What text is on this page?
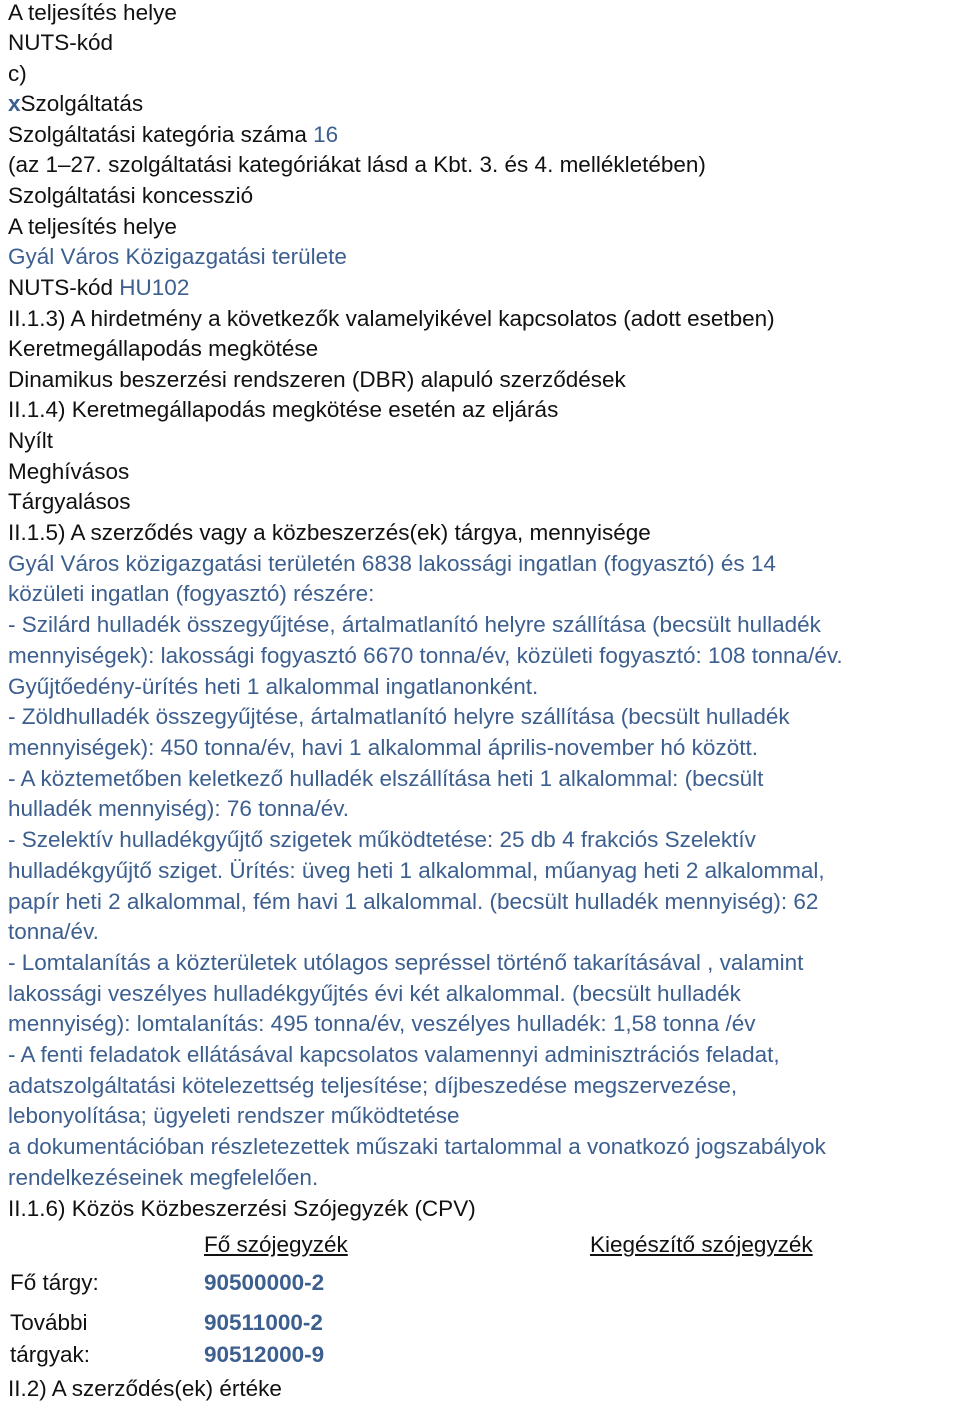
A teljesítés helye
NUTS-kód
c)
xSzolgáltatás
Szolgáltatási kategória száma 16
(az 1–27. szolgáltatási kategóriákat lásd a Kbt. 3. és 4. mellékletében)
Szolgáltatási koncesszió
A teljesítés helye
Gyál Város Közigazgatási területe
NUTS-kód HU102
II.1.3) A hirdetmény a következők valamelyikével kapcsolatos (adott esetben)
Keretmegállapodás megkötése
Dinamikus beszerzési rendszeren (DBR) alapuló szerződések
II.1.4) Keretmegállapodás megkötése esetén az eljárás
Nyílt
Meghívásos
Tárgyalásos
II.1.5) A szerződés vagy a közbeszerzés(ek) tárgya, mennyisége
Gyál Város közigazgatási területén 6838 lakossági ingatlan (fogyasztó) és 14
közületi ingatlan (fogyasztó) részére:
- Szilárd hulladék összegyűjtése, ártalmatlanító helyre szállítása (becsült hulladék
mennyiségek): lakossági fogyasztó 6670 tonna/év, közületi fogyasztó: 108 tonna/év.
Gyűjtőedény-ürítés heti 1 alkalommal ingatlanonként.
- Zöldhulladék összegyűjtése, ártalmatlanító helyre szállítása (becsült hulladék
mennyiségek): 450 tonna/év, havi 1 alkalommal április-november hó között.
- A köztemetőben keletkező hulladék elszállítása heti 1 alkalommal: (becsült
hulladék mennyiség): 76 tonna/év.
- Szelektív hulladékgyűjtő szigetek működtetése: 25 db 4 frakciós Szelektív
hulladékgyűjtő sziget. Ürítés: üveg heti 1 alkalommal, műanyag heti 2 alkalommal,
papír heti 2 alkalommal, fém havi 1 alkalommal. (becsült hulladék mennyiség): 62
tonna/év.
- Lomtalanítás a közterületek utólagos sepréssel történő takarításával , valamint
lakossági veszélyes hulladékgyűjtés évi két alkalommal. (becsült hulladék
mennyiség): lomtalanítás: 495 tonna/év, veszélyes hulladék: 1,58 tonna /év
- A fenti feladatok ellátásával kapcsolatos valamennyi adminisztrációs feladat,
adatszolgáltatási kötelezettség teljesítése; díjbeszedése megszervezése,
lebonyolítása; ügyeleti rendszer működtetése
a dokumentációban részletezettek műszaki tartalommal a vonatkozó jogszabályok
rendelkezéseinek megfelelően.
II.1.6) Közös Közbeszerzési Szójegyzék (CPV)
Fő szójegyzék	Kiegészítő szójegyzék
Fő tárgy:	90500000-2
További	90511000-2
tárgyak:	90512000-9
II.2) A szerződés(ek) értéke
